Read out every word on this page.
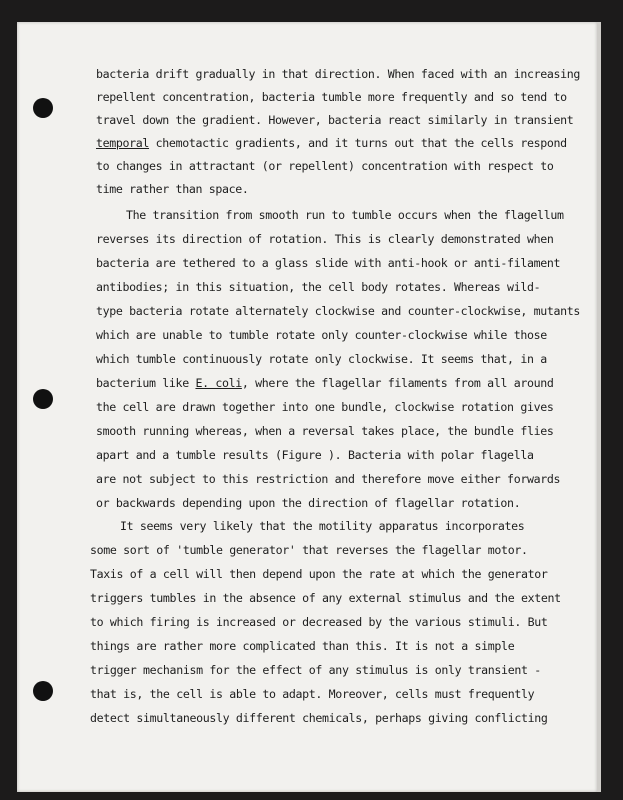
bacteria drift gradually in that direction. When faced with an increasing
repellent concentration, bacteria tumble more frequently and so tend to
travel down the gradient. However, bacteria react similarly in transient
temporal chemotactic gradients, and it turns out that the cells respond
to changes in attractant (or repellent) concentration with respect to
time rather than space.
The transition from smooth run to tumble occurs when the flagellum
reverses its direction of rotation. This is clearly demonstrated when
bacteria are tethered to a glass slide with anti-hook or anti-filament
antibodies; in this situation, the cell body rotates. Whereas wild-
type bacteria rotate alternately clockwise and counter-clockwise, mutants
which are unable to tumble rotate only counter-clockwise while those
which tumble continuously rotate only clockwise. It seems that, in a
bacterium like E. coli, where the flagellar filaments from all around
the cell are drawn together into one bundle, clockwise rotation gives
smooth running whereas, when a reversal takes place, the bundle flies
apart and a tumble results (Figure ). Bacteria with polar flagella
are not subject to this restriction and therefore move either forwards
or backwards depending upon the direction of flagellar rotation.
It seems very likely that the motility apparatus incorporates
some sort of 'tumble generator' that reverses the flagellar motor.
Taxis of a cell will then depend upon the rate at which the generator
triggers tumbles in the absence of any external stimulus and the extent
to which firing is increased or decreased by the various stimuli. But
things are rather more complicated than this. It is not a simple
trigger mechanism for the effect of any stimulus is only transient -
that is, the cell is able to adapt. Moreover, cells must frequently
detect simultaneously different chemicals, perhaps giving conflicting
